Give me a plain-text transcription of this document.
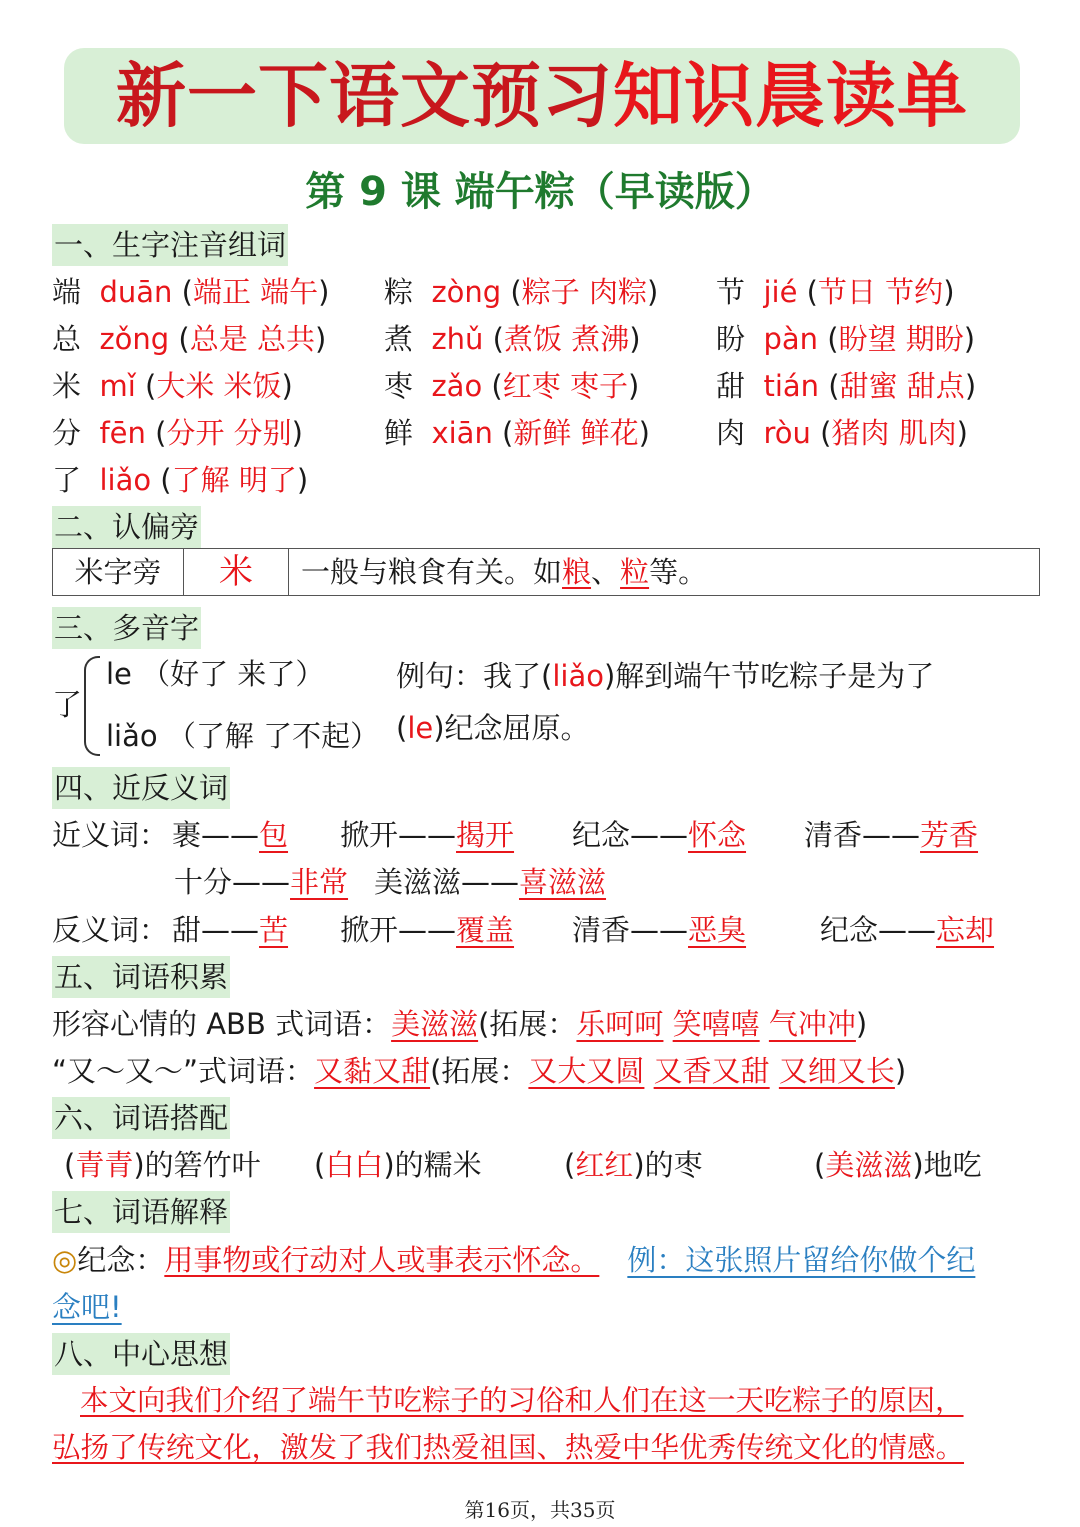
新一下语文预习知识晨读单
第 9 课 端午粽（早读版）
一、生字注音组词
端 duān (端正 端午) 粽 zòng (粽子 肉粽) 节 jié (节日 节约)
总 zǒng (总是 总共) 煮 zhǔ (煮饭 煮沸)	盼 pàn (盼望 期盼)
米 mǐ (大米 米饭)	枣 zǎo (红枣 枣子)	甜 tián (甜蜜 甜点)
分 fēn (分开 分别)	鲜 xiān (新鲜 鲜花) 肉 ròu (猪肉 肌肉)
了 liǎo (了解 明了)
二、认偏旁
米字旁	米	一般与粮食有关。如粮、粒等。
三、多音字
了
le （好了 来了）
liǎo （了解 了不起）
例句：我了(liǎo)解到端午节吃粽子是为了
(le)纪念屈原。
四、近反义词
近义词： 裹——包 掀开——揭开 纪念——怀念 清香——芳香
十分——非常 美滋滋——喜滋滋
反义词： 甜——苦 掀开——覆盖 清香——恶臭	纪念——忘却
五、词语积累
形容心情的 ABB 式词语：美滋滋(拓展：乐呵呵 笑嘻嘻 气冲冲)
“又～又～”式词语：又黏又甜(拓展：又大又圆 又香又甜 又细又长)
六、词语搭配
(青青)的箬竹叶 (白白)的糯米	(红红)的枣	(美滋滋)地吃
七、词语解释
◎纪念：用事物或行动对人或事表示怀念。 例：这张照片留给你做个纪
念吧!
八、中心思想
本文向我们介绍了端午节吃粽子的习俗和人们在这一天吃粽子的原因，
弘扬了传统文化，激发了我们热爱祖国、热爱中华优秀传统文化的情感。
第16页，共35页
